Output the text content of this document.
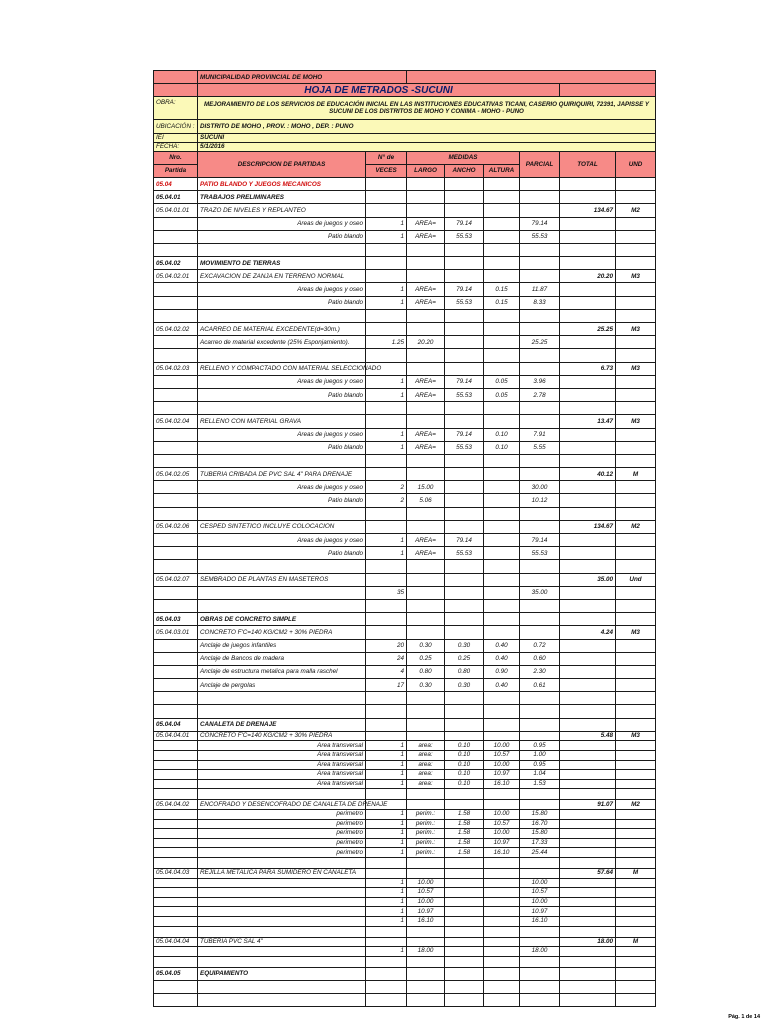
	MUNICIPALIDAD PROVINCIAL DE MOHO							
	HOJA DE METRADOS -SUCUNI							
OBRA:	MEJORAMIENTO DE LOS SERVICIOS DE EDUCACIÓN INICIAL EN LAS INSTITUCIONES EDUCATIVAS TICANI, CASERIO QUIRIQUIRI, 72391, JAPISSE Y SUCUNI DE LOS DISTRITOS DE MOHO Y CONIMA - MOHO - PUNO							
UBICACIÓN :	DISTRITO DE MOHO , PROV. : MOHO , DEP. : PUNO							
IEI	SUCUNI							
FECHA:	5/1/2016							
Nro.	DESCRIPCION DE PARTIDAS	N° de	MEDIDAS			PARCIAL	TOTAL	UND
Partida		VECES	LARGO	ANCHO	ALTURA			
05.04	PATIO BLANDO Y JUEGOS MECANICOS							
05.04.01	TRABAJOS PRELIMINARES							
05.04.01.01	TRAZO DE NIVELES Y REPLANTEO						134.67	M2
	Areas de juegos y oseo	1	AREA=	79.14		79.14		
	Patio blando	1	AREA=	55.53		55.53		

05.04.02	MOVIMIENTO DE TIERRAS							
05.04.02.01	EXCAVACION DE ZANJA EN TERRENO NORMAL						20.20	M3
	Areas de juegos y oseo	1	AREA=	79.14	0.15	11.87		
	Patio blando	1	AREA=	55.53	0.15	8.33		

05.04.02.02	ACARREO DE MATERIAL EXCEDENTE(d=30m.)						25.25	M3
	Acarreo de material excedente (25% Esponjamiento).	1.25	20.20			25.25		

05.04.02.03	RELLENO Y COMPACTADO CON MATERIAL SELECCIONADO						6.73	M3
	Areas de juegos y oseo	1	AREA=	79.14	0.05	3.96		
	Patio blando	1	AREA=	55.53	0.05	2.78		

05.04.02.04	RELLENO CON MATERIAL GRAVA						13.47	M3
	Areas de juegos y oseo	1	AREA=	79.14	0.10	7.91		
	Patio blando	1	AREA=	55.53	0.10	5.55		

05.04.02.05	TUBERIA CRIBADA DE PVC SAL 4" PARA DRENAJE						40.12	M
	Areas de juegos y oseo	2	15.00			30.00		
	Patio blando	2	5.06			10.12		

05.04.02.06	CESPED SINTETICO INCLUYE COLOCACION						134.67	M2
	Areas de juegos y oseo	1	AREA=	79.14		79.14		
	Patio blando	1	AREA=	55.53		55.53		

05.04.02.07	SEMBRADO DE PLANTAS EN MASETEROS						35.00	Und
		35				35.00		

05.04.03	OBRAS DE CONCRETO SIMPLE							
05.04.03.01	CONCRETO F'C=140 KG/CM2 + 30% PIEDRA						4.24	M3
	Anclaje de juegos infantiles	20	0.30	0.30	0.40	0.72		
	Anclaje de Bancos de madera	24	0.25	0.25	0.40	0.60		
	Anclaje de estructura metalica para malla raschel	4	0.80	0.80	0.90	2.30		
	Anclaje de pergolas	17	0.30	0.30	0.40	0.61		

05.04.04	CANALETA DE DRENAJE							
05.04.04.01	CONCRETO F'C=140 KG/CM2 + 30% PIEDRA						5.48	M3
	Area transversal	1	area:	0.10	10.00	0.95		
	Area transversal	1	area:	0.10	10.57	1.00		
	Area transversal	1	area:	0.10	10.00	0.95		
	Area transversal	1	area:	0.10	10.97	1.04		
	Area transversal	1	area:	0.10	16.10	1.53		

05.04.04.02	ENCOFRADO Y DESENCOFRADO DE CANALETA DE DRENAJE						91.07	M2
	perimetro	1	perim.:	1.58	10.00	15.80		
	perimetro	1	perim.:	1.58	10.57	16.70		
	perimetro	1	perim.:	1.58	10.00	15.80		
	perimetro	1	perim.:	1.58	10.97	17.33		
	perimetro	1	perim.:	1.58	16.10	25.44		

05.04.04.03	REJILLA METALICA PARA SUMIDERO EN CANALETA						57.64	M
		1	10.00			10.00		
		1	10.57			10.57		
		1	10.00			10.00		
		1	10.97			10.97		
		1	16.10			16.10		

05.04.04.04	TUBERIA PVC SAL 4"						18.00	M
		1	18.00			18.00		

05.04.05	EQUIPAMIENTO							

Pág. 1 de 14
